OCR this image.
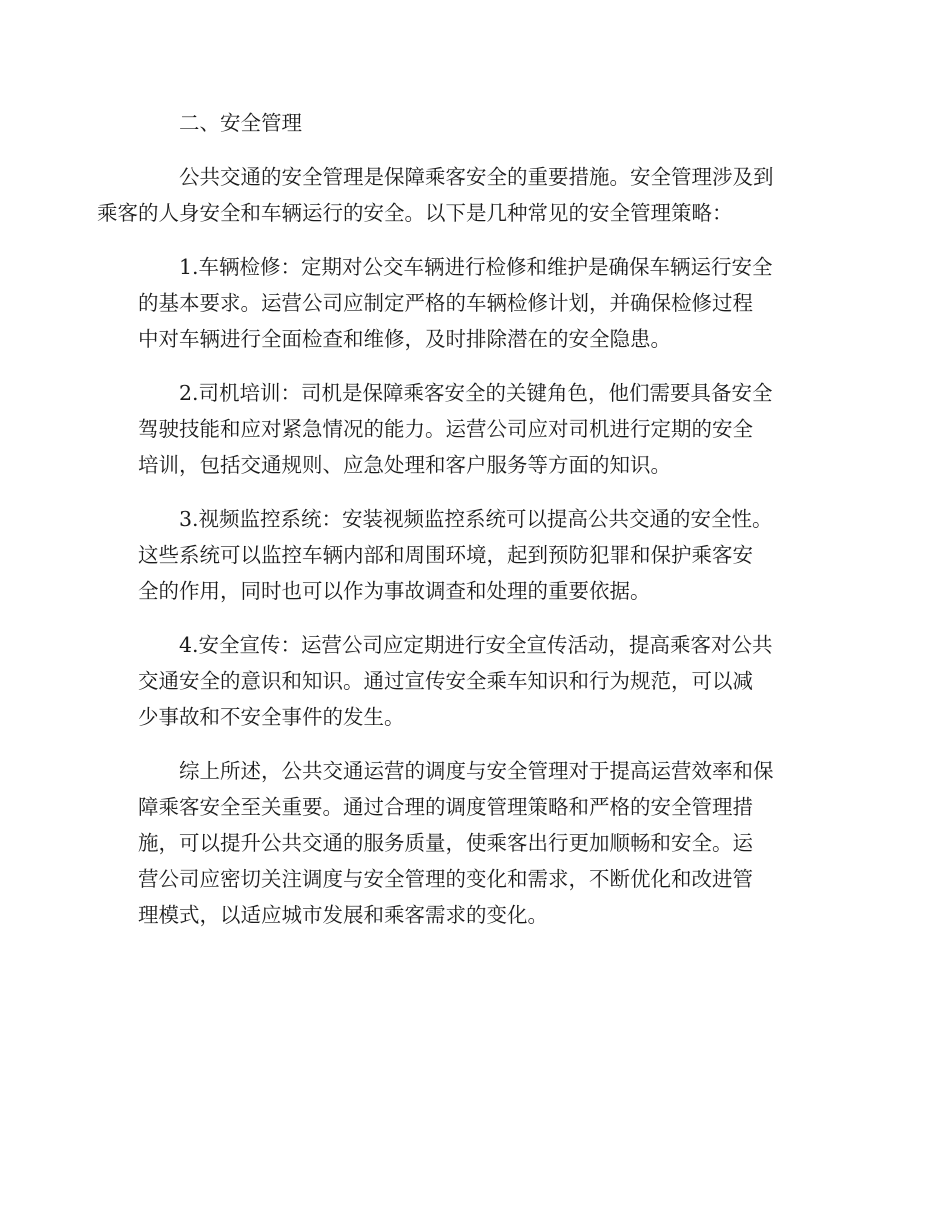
二、安全管理

公共交通的安全管理是保障乘客安全的重要措施。安全管理涉及到
乘客的人身安全和车辆运行的安全。以下是几种常见的安全管理策略：

1.车辆检修：定期对公交车辆进行检修和维护是确保车辆运行安全
的基本要求。运营公司应制定严格的车辆检修计划，并确保检修过程
中对车辆进行全面检查和维修，及时排除潜在的安全隐患。

2.司机培训：司机是保障乘客安全的关键角色，他们需要具备安全
驾驶技能和应对紧急情况的能力。运营公司应对司机进行定期的安全
培训，包括交通规则、应急处理和客户服务等方面的知识。

3.视频监控系统：安装视频监控系统可以提高公共交通的安全性。
这些系统可以监控车辆内部和周围环境，起到预防犯罪和保护乘客安
全的作用，同时也可以作为事故调查和处理的重要依据。

4.安全宣传：运营公司应定期进行安全宣传活动，提高乘客对公共
交通安全的意识和知识。通过宣传安全乘车知识和行为规范，可以减
少事故和不安全事件的发生。

综上所述，公共交通运营的调度与安全管理对于提高运营效率和保
障乘客安全至关重要。通过合理的调度管理策略和严格的安全管理措
施，可以提升公共交通的服务质量，使乘客出行更加顺畅和安全。运
营公司应密切关注调度与安全管理的变化和需求，不断优化和改进管
理模式，以适应城市发展和乘客需求的变化。
